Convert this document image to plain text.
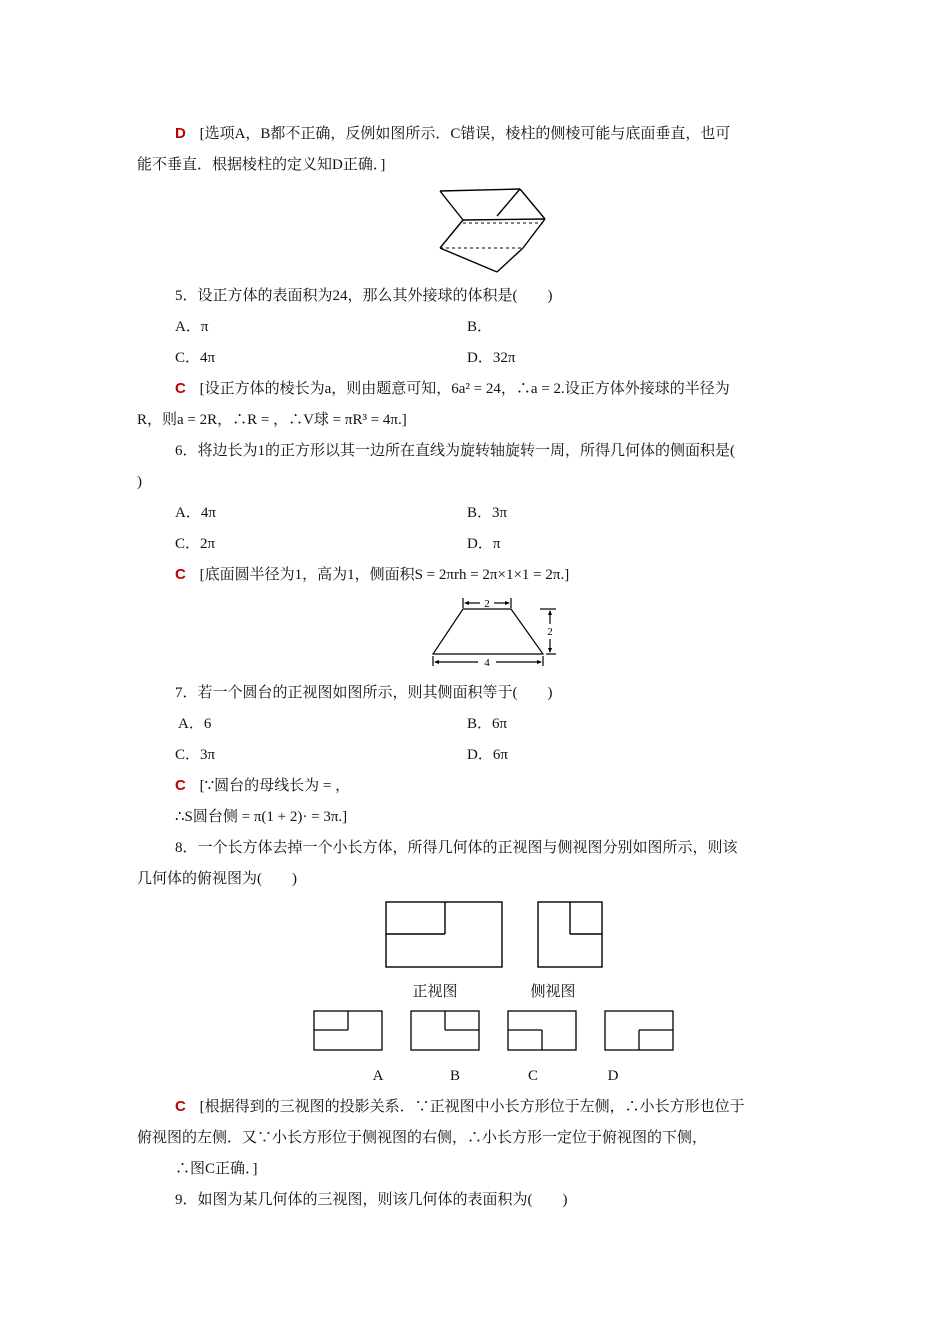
D [选项A，B都不正确，反例如图所示．C错误，棱柱的侧棱可能与底面垂直，也可
能不垂直．根据棱柱的定义知D正确．]
5．设正方体的表面积为24，那么其外接球的体积是(　　)
A．π	B．
C．4π	D．32π
C [设正方体的棱长为a，则由题意可知，6a² = 24，∴a = 2.设正方体外接球的半径为
R，则a = 2R，∴R = ，∴V球 = πR³ = 4π.]
6．将边长为1的正方形以其一边所在直线为旋转轴旋转一周，所得几何体的侧面积是(
)
A．4π	B．3π
C．2π	D．π
C [底面圆半径为1，高为1，侧面积S = 2πrh = 2π×1×1 = 2π.]
2
4
2
7．若一个圆台的正视图如图所示，则其侧面积等于(　　)
A．6	B．6π
C．3π	D．6π
C [∵圆台的母线长为 = ，
∴S圆台侧 = π(1 + 2)· = 3π.]
8．一个长方体去掉一个小长方体，所得几何体的正视图与侧视图分别如图所示，则该
几何体的俯视图为(　　)
正视图	侧视图
A	B	C	D
C [根据得到的三视图的投影关系．∵正视图中小长方形位于左侧，∴小长方形也位于
俯视图的左侧．又∵小长方形位于侧视图的右侧，∴小长方形一定位于俯视图的下侧，
∴图C正确．]
9．如图为某几何体的三视图，则该几何体的表面积为(　　)
